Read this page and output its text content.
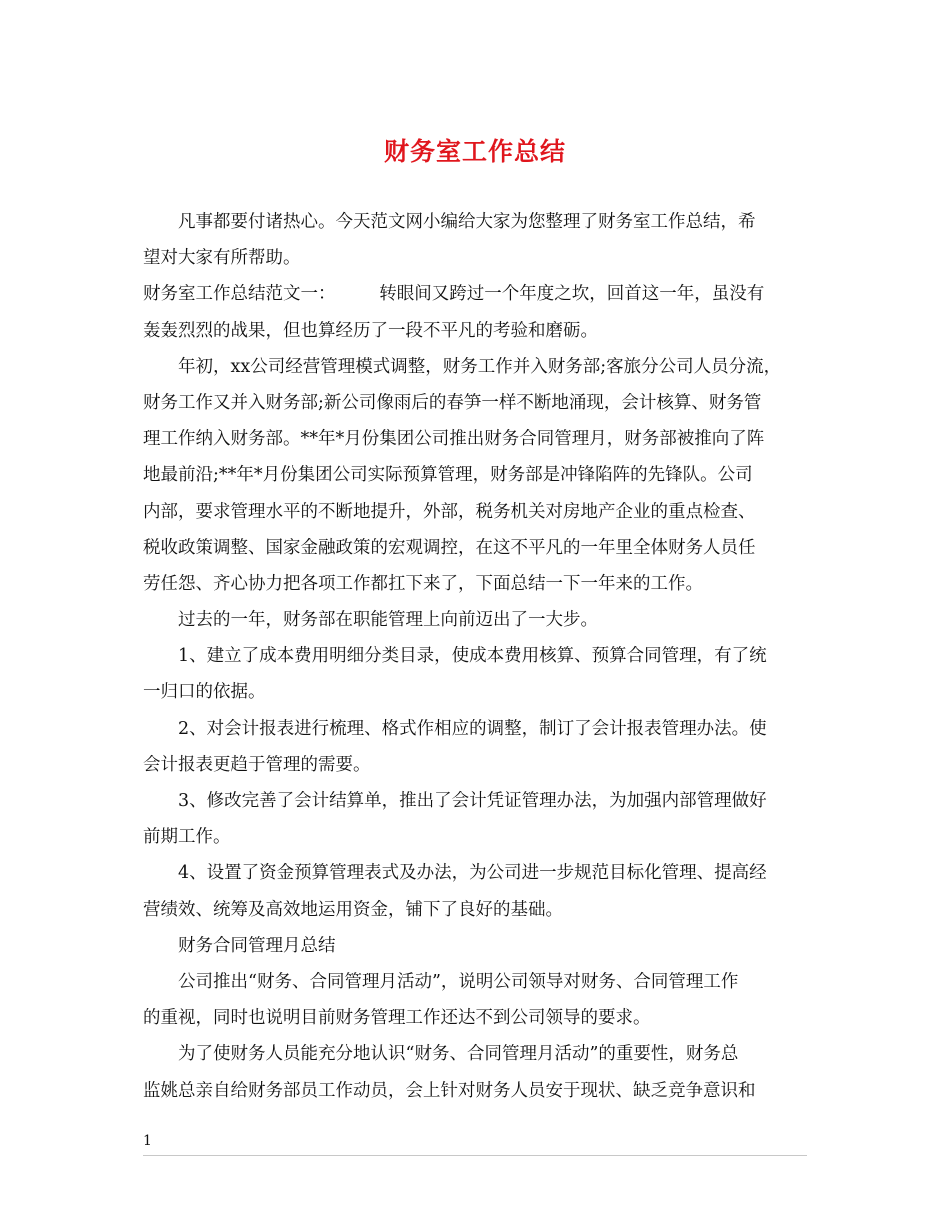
财务室工作总结
凡事都要付诸热心。今天范文网小编给大家为您整理了财务室工作总结，希
望对大家有所帮助。
财务室工作总结范文一：　　　转眼间又跨过一个年度之坎，回首这一年，虽没有
轰轰烈烈的战果，但也算经历了一段不平凡的考验和磨砺。
年初，xx公司经营管理模式调整，财务工作并入财务部;客旅分公司人员分流，
财务工作又并入财务部;新公司像雨后的春笋一样不断地涌现，会计核算、财务管
理工作纳入财务部。**年*月份集团公司推出财务合同管理月，财务部被推向了阵
地最前沿;**年*月份集团公司实际预算管理，财务部是冲锋陷阵的先锋队。公司
内部，要求管理水平的不断地提升，外部，税务机关对房地产企业的重点检查、
税收政策调整、国家金融政策的宏观调控，在这不平凡的一年里全体财务人员任
劳任怨、齐心协力把各项工作都扛下来了，下面总结一下一年来的工作。
过去的一年，财务部在职能管理上向前迈出了一大步。
1、建立了成本费用明细分类目录，使成本费用核算、预算合同管理，有了统
一归口的依据。
2、对会计报表进行梳理、格式作相应的调整，制订了会计报表管理办法。使
会计报表更趋于管理的需要。
3、修改完善了会计结算单，推出了会计凭证管理办法，为加强内部管理做好
前期工作。
4、设置了资金预算管理表式及办法，为公司进一步规范目标化管理、提高经
营绩效、统筹及高效地运用资金，铺下了良好的基础。
财务合同管理月总结
公司推出“财务、合同管理月活动”，说明公司领导对财务、合同管理工作
的重视，同时也说明目前财务管理工作还达不到公司领导的要求。
为了使财务人员能充分地认识“财务、合同管理月活动”的重要性，财务总
监姚总亲自给财务部员工作动员，会上针对财务人员安于现状、缺乏竞争意识和
1
